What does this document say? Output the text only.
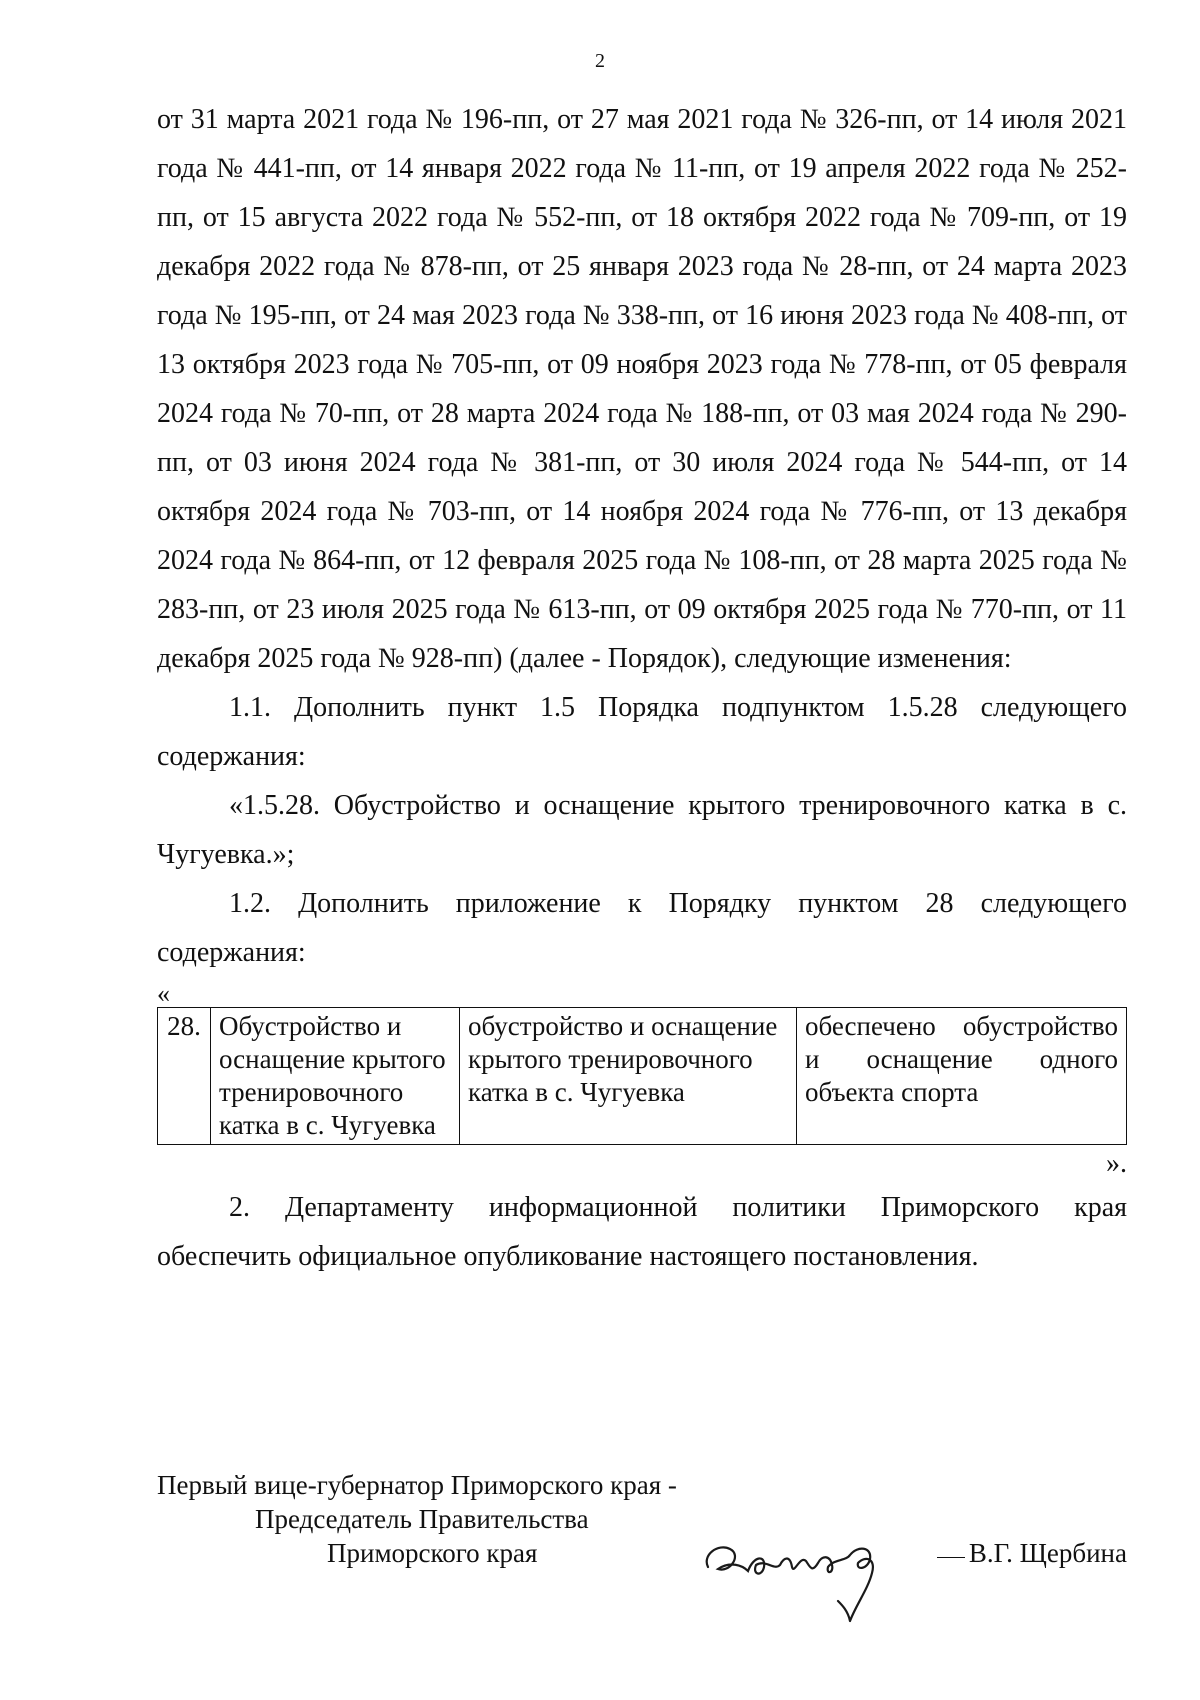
2

от 31 марта 2021 года № 196-пп, от 27 мая 2021 года № 326-пп, от 14 июля 2021 года № 441-пп, от 14 января 2022 года № 11-пп, от 19 апреля 2022 года № 252-пп, от 15 августа 2022 года № 552-пп, от 18 октября 2022 года № 709-пп, от 19 декабря 2022 года № 878-пп, от 25 января 2023 года № 28-пп, от 24 марта 2023 года № 195-пп, от 24 мая 2023 года № 338-пп, от 16 июня 2023 года № 408-пп, от 13 октября 2023 года № 705-пп, от 09 ноября 2023 года № 778-пп, от 05 февраля 2024 года № 70-пп, от 28 марта 2024 года № 188-пп, от 03 мая 2024 года № 290-пп, от 03 июня 2024 года № 381-пп, от 30 июля 2024 года № 544-пп, от 14 октября 2024 года № 703-пп, от 14 ноября 2024 года № 776-пп, от 13 декабря 2024 года № 864-пп, от 12 февраля 2025 года № 108-пп, от 28 марта 2025 года № 283-пп, от 23 июля 2025 года № 613-пп, от 09 октября 2025 года № 770-пп, от 11 декабря 2025 года № 928-пп) (далее - Порядок), следующие изменения:

1.1. Дополнить пункт 1.5 Порядка подпунктом 1.5.28 следующего содержания:

«1.5.28. Обустройство и оснащение крытого тренировочного катка в с. Чугуевка.»;

1.2. Дополнить приложение к Порядку пунктом 28 следующего содержания:

«
28.	Обустройство и оснащение крытого тренировочного катка в с. Чугуевка	обустройство и оснащение крытого тренировочного катка в с. Чугуевка	обеспечено обустройство и оснащение одного объекта спорта
».

2. Департаменту информационной политики Приморского края обеспечить официальное опубликование настоящего постановления.

Первый вице-губернатор Приморского края -
Председатель Правительства
Приморского края	В.Г. Щербина
